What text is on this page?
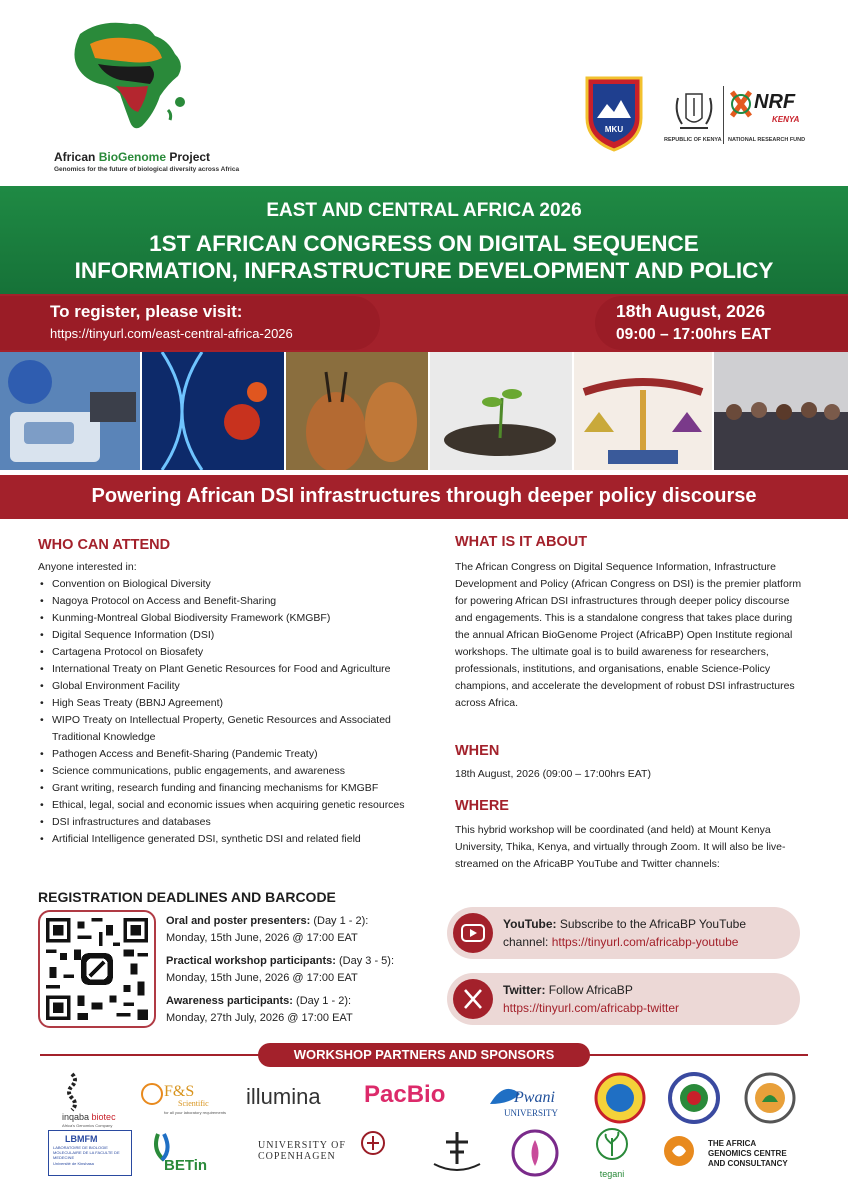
African BioGenome Project
Genomics for the future of biological diversity across Africa
MKU
REPUBLIC OF KENYA
NRF
KENYA
NATIONAL RESEARCH FUND
EAST AND CENTRAL AFRICA 2026
1ST AFRICAN CONGRESS ON DIGITAL SEQUENCE
INFORMATION, INFRASTRUCTURE DEVELOPMENT AND POLICY
To register, please visit:
https://tinyurl.com/east-central-africa-2026
18th August, 2026
09:00 – 17:00hrs EAT
Powering African DSI infrastructures through deeper policy discourse
WHO CAN ATTEND
Anyone interested in:
• Convention on Biological Diversity
• Nagoya Protocol on Access and Benefit-Sharing
• Kunming-Montreal Global Biodiversity Framework (KMGBF)
• Digital Sequence Information (DSI)
• Cartagena Protocol on Biosafety
• International Treaty on Plant Genetic Resources for Food and Agriculture
• Global Environment Facility
• High Seas Treaty (BBNJ Agreement)
• WIPO Treaty on Intellectual Property, Genetic Resources and Associated Traditional Knowledge
• Pathogen Access and Benefit-Sharing (Pandemic Treaty)
• Science communications, public engagements, and awareness
• Grant writing, research funding and financing mechanisms for KMGBF
• Ethical, legal, social and economic issues when acquiring genetic resources
• DSI infrastructures and databases
• Artificial Intelligence generated DSI, synthetic DSI and related field
WHAT IS IT ABOUT
The African Congress on Digital Sequence Information, Infrastructure Development and Policy (African Congress on DSI) is the premier platform for powering African DSI infrastructures through deeper policy discourse and engagements. This is a standalone congress that takes place during the annual African BioGenome Project (AfricaBP) Open Institute regional workshops. The ultimate goal is to build awareness for researchers, professionals, institutions, and organisations, enable Science-Policy champions, and accelerate the development of robust DSI infrastructures across Africa.
WHEN
18th August, 2026 (09:00 – 17:00hrs EAT)
WHERE
This hybrid workshop will be coordinated (and held) at Mount Kenya University, Thika, Kenya, and virtually through Zoom. It will also be live-streamed on the AfricaBP YouTube and Twitter channels:
REGISTRATION DEADLINES AND BARCODE
Oral and poster presenters: (Day 1 - 2):
Monday, 15th June, 2026 @ 17:00 EAT
Practical workshop participants: (Day 3 - 5):
Monday, 15th June, 2026 @ 17:00 EAT
Awareness participants: (Day 1 - 2):
Monday, 27th July, 2026 @ 17:00 EAT
YouTube: Subscribe to the AfricaBP YouTube
channel: https://tinyurl.com/africabp-youtube
Twitter: Follow AfricaBP
https://tinyurl.com/africabp-twitter
WORKSHOP PARTNERS AND SPONSORS
inqaba biotec
Africa's Genomics Company
F&S
Scientific
for all your laboratory requirements
illumina PacBio	Pwani
UNIVERSITY
LBMFM
LABORATOIRE DE BIOLOGIE MOLECULAIRE DE LA FACULTE DE MEDECINE
Université de Kinshasa	BETin
UNIVERSITY OF
COPENHAGEN
tegani
THE AFRICA
GENOMICS CENTRE
AND CONSULTANCY
